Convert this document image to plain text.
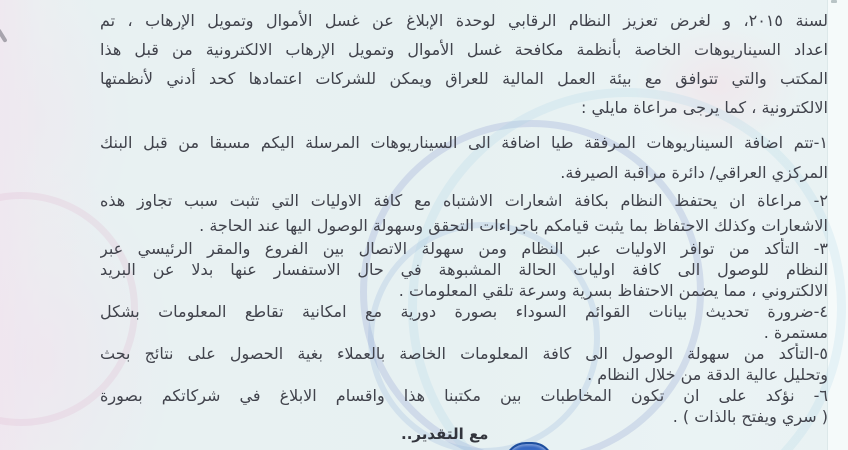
لسنة ٢٠١٥، و لغرض تعزيز النظام الرقابي لوحدة الإبلاغ عن غسل الأموال وتمويل الإرهاب ، تم
اعداد السيناريوهات الخاصة بأنظمة مكافحة غسل الأموال وتمويل الإرهاب الالكترونية من قبل هذا
المكتب والتي تتوافق مع بيئة العمل المالية للعراق ويمكن للشركات اعتمادها كحد أدني لأنظمتها
الالكترونية ، كما يرجى مراعاة مايلي :
١-تتم اضافة السيناريوهات المرفقة طيا اضافة الى السيناريوهات المرسلة اليكم مسبقا من قبل البنك
المركزي العراقي/ دائرة مراقبة الصيرفة.
٢- مراعاة ان يحتفظ النظام بكافة اشعارات الاشتباه مع كافة الاوليات التي تثبت سبب تجاوز هذه
الاشعارات وكذلك الاحتفاظ بما يثبت قيامكم باجراءات التحقق وسهولة الوصول اليها عند الحاجة .
٣- التأكد من توافر الاوليات عبر النظام ومن سهولة الاتصال بين الفروع والمقر الرئيسي عبر
النظام للوصول الى كافة اوليات الحالة المشبوهة في حال الاستفسار عنها بدلا عن البريد
الالكتروني ، مما يضمن الاحتفاظ بسرية وسرعة تلقي المعلومات .
٤-ضرورة تحديث بيانات القوائم السوداء بصورة دورية مع امكانية تقاطع المعلومات بشكل
مستمرة .
٥-التأكد من سهولة الوصول الى كافة المعلومات الخاصة بالعملاء بغية الحصول على نتائج بحث
وتحليل عالية الدقة من خلال النظام .
٦- نؤكد على ان تكون المخاطبات بين مكتبنا هذا واقسام الابلاغ في شركاتكم بصورة
( سري ويفتح بالذات ) .
مع التقدير..
